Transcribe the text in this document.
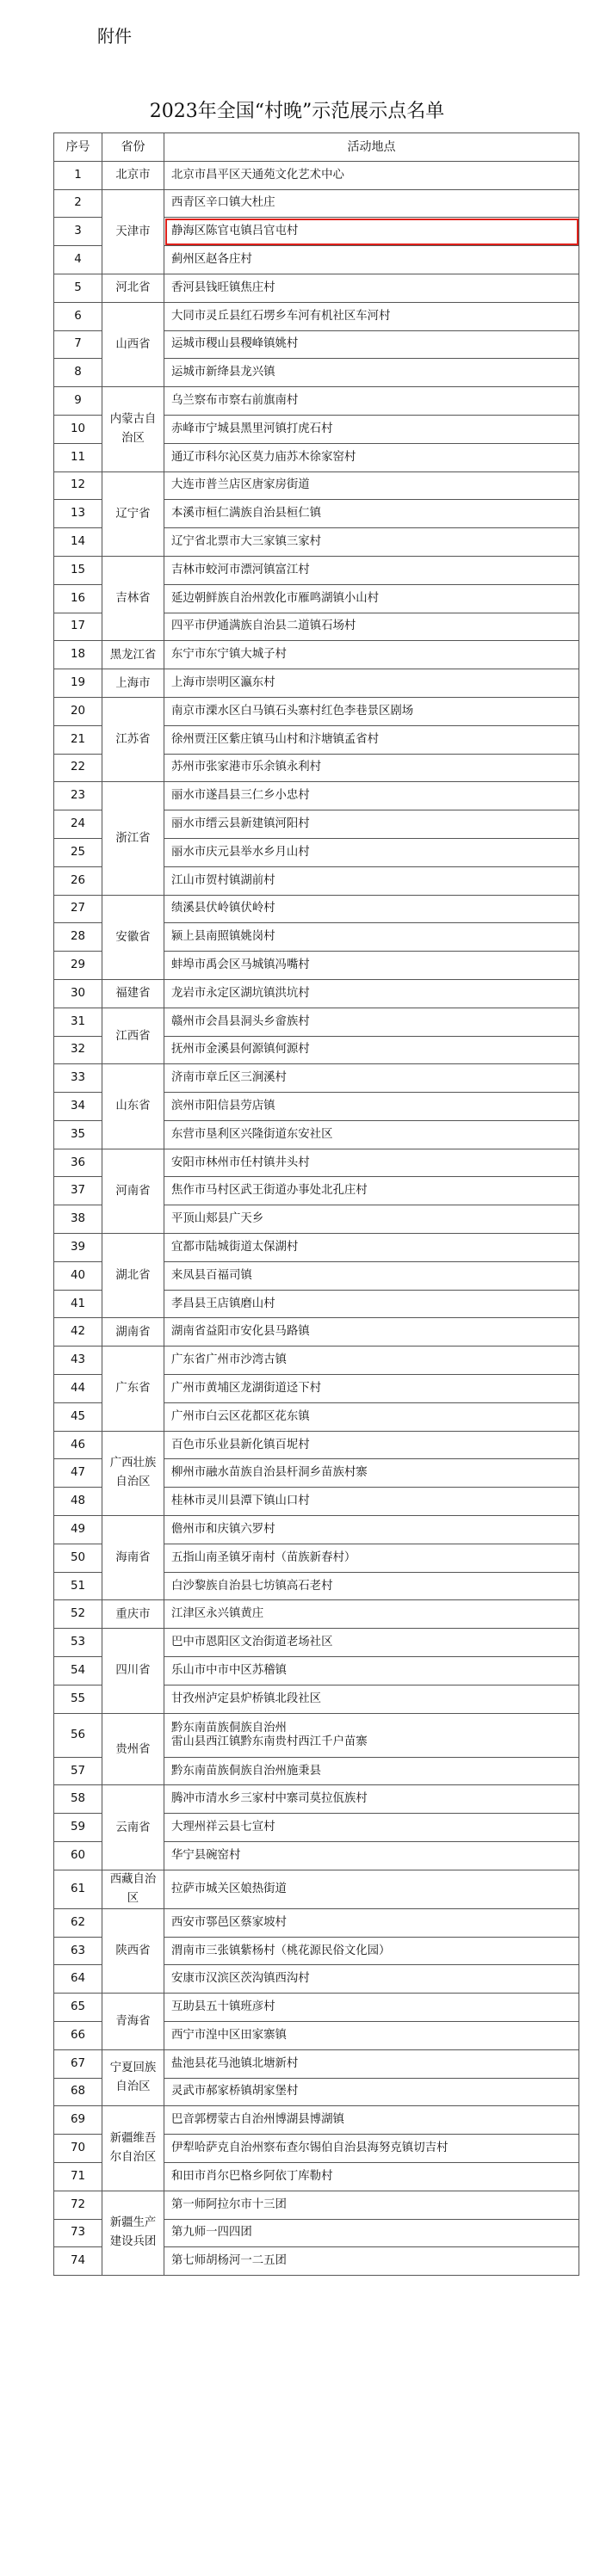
附件
2023年全国“村晚”示范展示点名单
序号	省份	活动地点
1	北京市	北京市昌平区天通苑文化艺术中心
2	天津市	西青区辛口镇大杜庄
3		静海区陈官屯镇吕官屯村
4		蓟州区赵各庄村
5	河北省	香河县钱旺镇焦庄村
6	山西省	大同市灵丘县红石塄乡车河有机社区车河村
7		运城市稷山县稷峰镇姚村
8		运城市新绛县龙兴镇
9	内蒙古自治区	乌兰察布市察右前旗南村
10		赤峰市宁城县黑里河镇打虎石村
11		通辽市科尔沁区莫力庙苏木徐家窑村
12	辽宁省	大连市普兰店区唐家房街道
13		本溪市桓仁满族自治县桓仁镇
14		辽宁省北票市大三家镇三家村
15	吉林省	吉林市蛟河市漂河镇富江村
16		延边朝鲜族自治州敦化市雁鸣湖镇小山村
17		四平市伊通满族自治县二道镇石场村
18	黑龙江省	东宁市东宁镇大城子村
19	上海市	上海市崇明区瀛东村
20	江苏省	南京市溧水区白马镇石头寨村红色李巷景区剧场
21		徐州贾汪区紫庄镇马山村和汴塘镇孟省村
22		苏州市张家港市乐余镇永利村
23	浙江省	丽水市遂昌县三仁乡小忠村
24		丽水市缙云县新建镇河阳村
25		丽水市庆元县举水乡月山村
26		江山市贺村镇湖前村
27	安徽省	绩溪县伏岭镇伏岭村
28		颍上县南照镇姚岗村
29		蚌埠市禹会区马城镇冯嘴村
30	福建省	龙岩市永定区湖坑镇洪坑村
31	江西省	赣州市会昌县洞头乡畲族村
32		抚州市金溪县何源镇何源村
33	山东省	济南市章丘区三涧溪村
34		滨州市阳信县劳店镇
35		东营市垦利区兴隆街道东安社区
36	河南省	安阳市林州市任村镇井头村
37		焦作市马村区武王街道办事处北孔庄村
38		平顶山郏县广天乡
39	湖北省	宜都市陆城街道太保湖村
40		来凤县百福司镇
41		孝昌县王店镇磨山村
42	湖南省	湖南省益阳市安化县马路镇
43	广东省	广东省广州市沙湾古镇
44		广州市黄埔区龙湖街道迳下村
45		广州市白云区花都区花东镇
46	广西壮族自治区	百色市乐业县新化镇百坭村
47		柳州市融水苗族自治县杆洞乡苗族村寨
48		桂林市灵川县潭下镇山口村
49	海南省	儋州市和庆镇六罗村
50		五指山南圣镇牙南村（苗族新春村）
51		白沙黎族自治县七坊镇高石老村
52	重庆市	江津区永兴镇黄庄
53	四川省	巴中市恩阳区文治街道老场社区
54		乐山市中市中区苏稽镇
55		甘孜州泸定县炉桥镇北段社区
56	贵州省	黔东南苗族侗族自治州
雷山县西江镇黔东南贵村西江千户苗寨
57		黔东南苗族侗族自治州施秉县
58	云南省	腾冲市清水乡三家村中寨司莫拉佤族村
59		大理州祥云县七宣村
60		华宁县碗窑村
61	西藏自治区	拉萨市城关区娘热街道
62	陕西省	西安市鄠邑区蔡家坡村
63		渭南市三张镇紫杨村（桃花源民俗文化园）
64		安康市汉滨区茨沟镇西沟村
65	青海省	互助县五十镇班彦村
66		西宁市湟中区田家寨镇
67	宁夏回族自治区	盐池县花马池镇北塘新村
68		灵武市郝家桥镇胡家堡村
69	新疆维吾尔自治区	巴音郭楞蒙古自治州博湖县博湖镇
70		伊犁哈萨克自治州察布查尔锡伯自治县海努克镇切吉村
71		和田市肖尔巴格乡阿依丁库勒村
72	新疆生产建设兵团	第一师阿拉尔市十三团
73		第九师一四四团
74		第七师胡杨河一二五团
